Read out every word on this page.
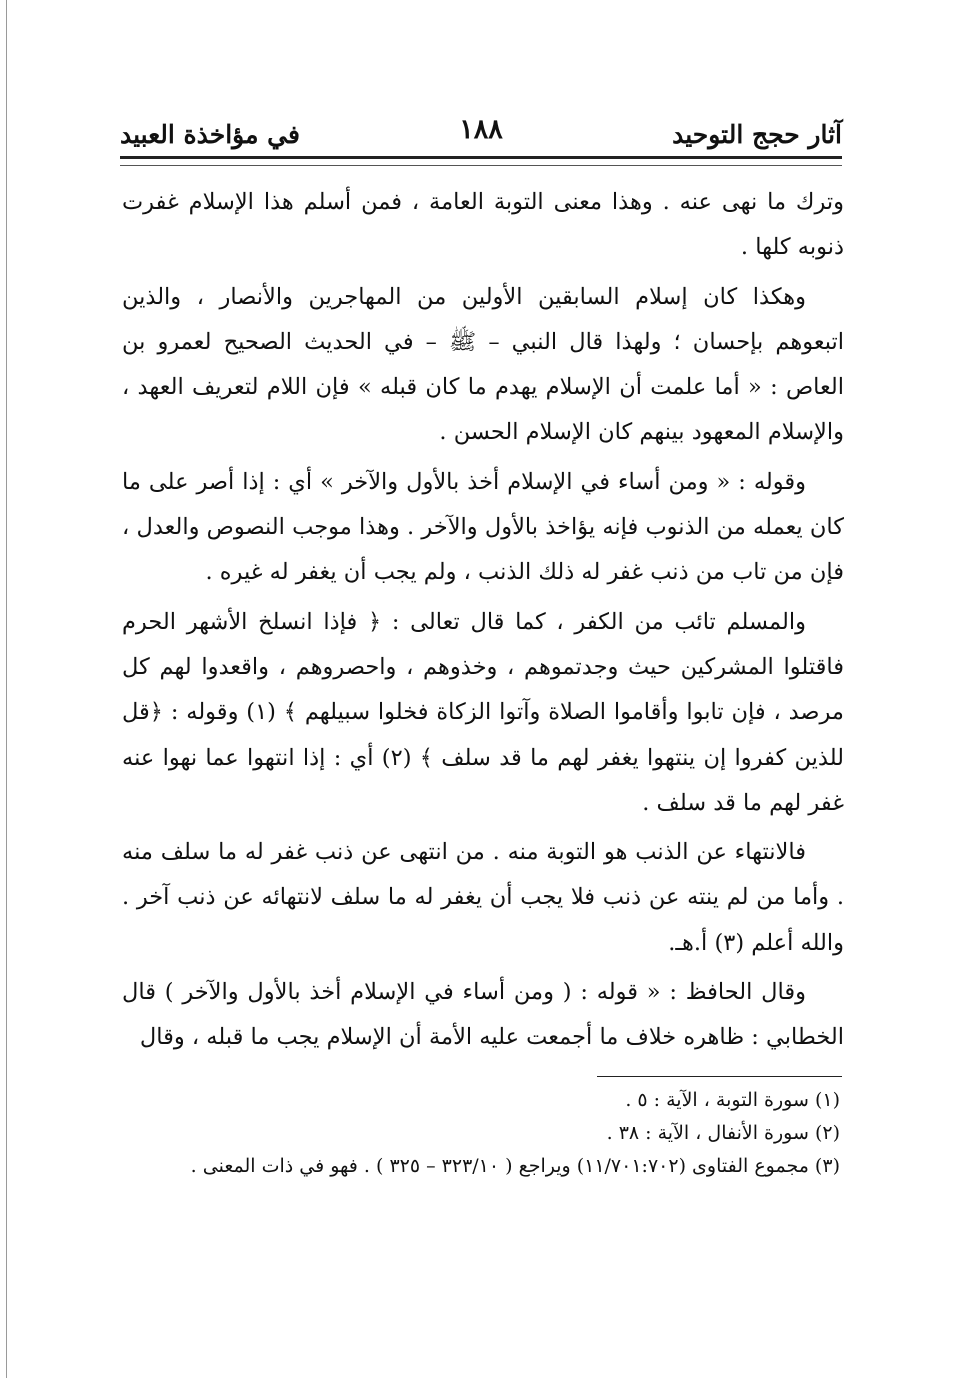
آثار حجج التوحيد
١٨٨
في مؤاخذة العبيد

وترك ما نهى عنه . وهذا معنى التوبة العامة ، فمن أسلم هذا الإسلام غفرت ذنوبه كلها .

وهكذا كان إسلام السابقين الأولين من المهاجرين والأنصار ، والذين اتبعوهم بإحسان ؛ ولهذا قال النبي – ﷺ – في الحديث الصحيح لعمرو بن العاص : « أما علمت أن الإسلام يهدم ما كان قبله » فإن اللام لتعريف العهد ، والإسلام المعهود بينهم كان الإسلام الحسن .

وقوله : « ومن أساء في الإسلام أخذ بالأول والآخر » أي : إذا أصر على ما كان يعمله من الذنوب فإنه يؤاخذ بالأول والآخر . وهذا موجب النصوص والعدل ، فإن من تاب من ذنب غفر له ذلك الذنب ، ولم يجب أن يغفر له غيره .

والمسلم تائب من الكفر ، كما قال تعالى : ﴿ فإذا انسلخ الأشهر الحرم فاقتلوا المشركين حيث وجدتموهم ، وخذوهم ، واحصروهم ، واقعدوا لهم كل مرصد ، فإن تابوا وأقاموا الصلاة وآتوا الزكاة فخلوا سبيلهم ﴾ (١) وقوله : ﴿قل للذين كفروا إن ينتهوا يغفر لهم ما قد سلف ﴾ (٢) أي : إذا انتهوا عما نهوا عنه غفر لهم ما قد سلف .

فالانتهاء عن الذنب هو التوبة منه . من انتهى عن ذنب غفر له ما سلف منه . وأما من لم ينته عن ذنب فلا يجب أن يغفر له ما سلف لانتهائه عن ذنب آخر . والله أعلم (٣) أ.هـ.

وقال الحافظ : « قوله : ( ومن أساء في الإسلام أخذ بالأول والآخر ) قال الخطابي : ظاهره خلاف ما أجمعت عليه الأمة أن الإسلام يجب ما قبله ، وقال

(١) سورة التوبة ، الآية : ٥ .

(٢) سورة الأنفال ، الآية : ٣٨ .

(٣) مجموع الفتاوى (١١/٧٠١:٧٠٢) ويراجع ( ٣٢٣/١٠ – ٣٢٥ ) . فهو في ذات المعنى .
